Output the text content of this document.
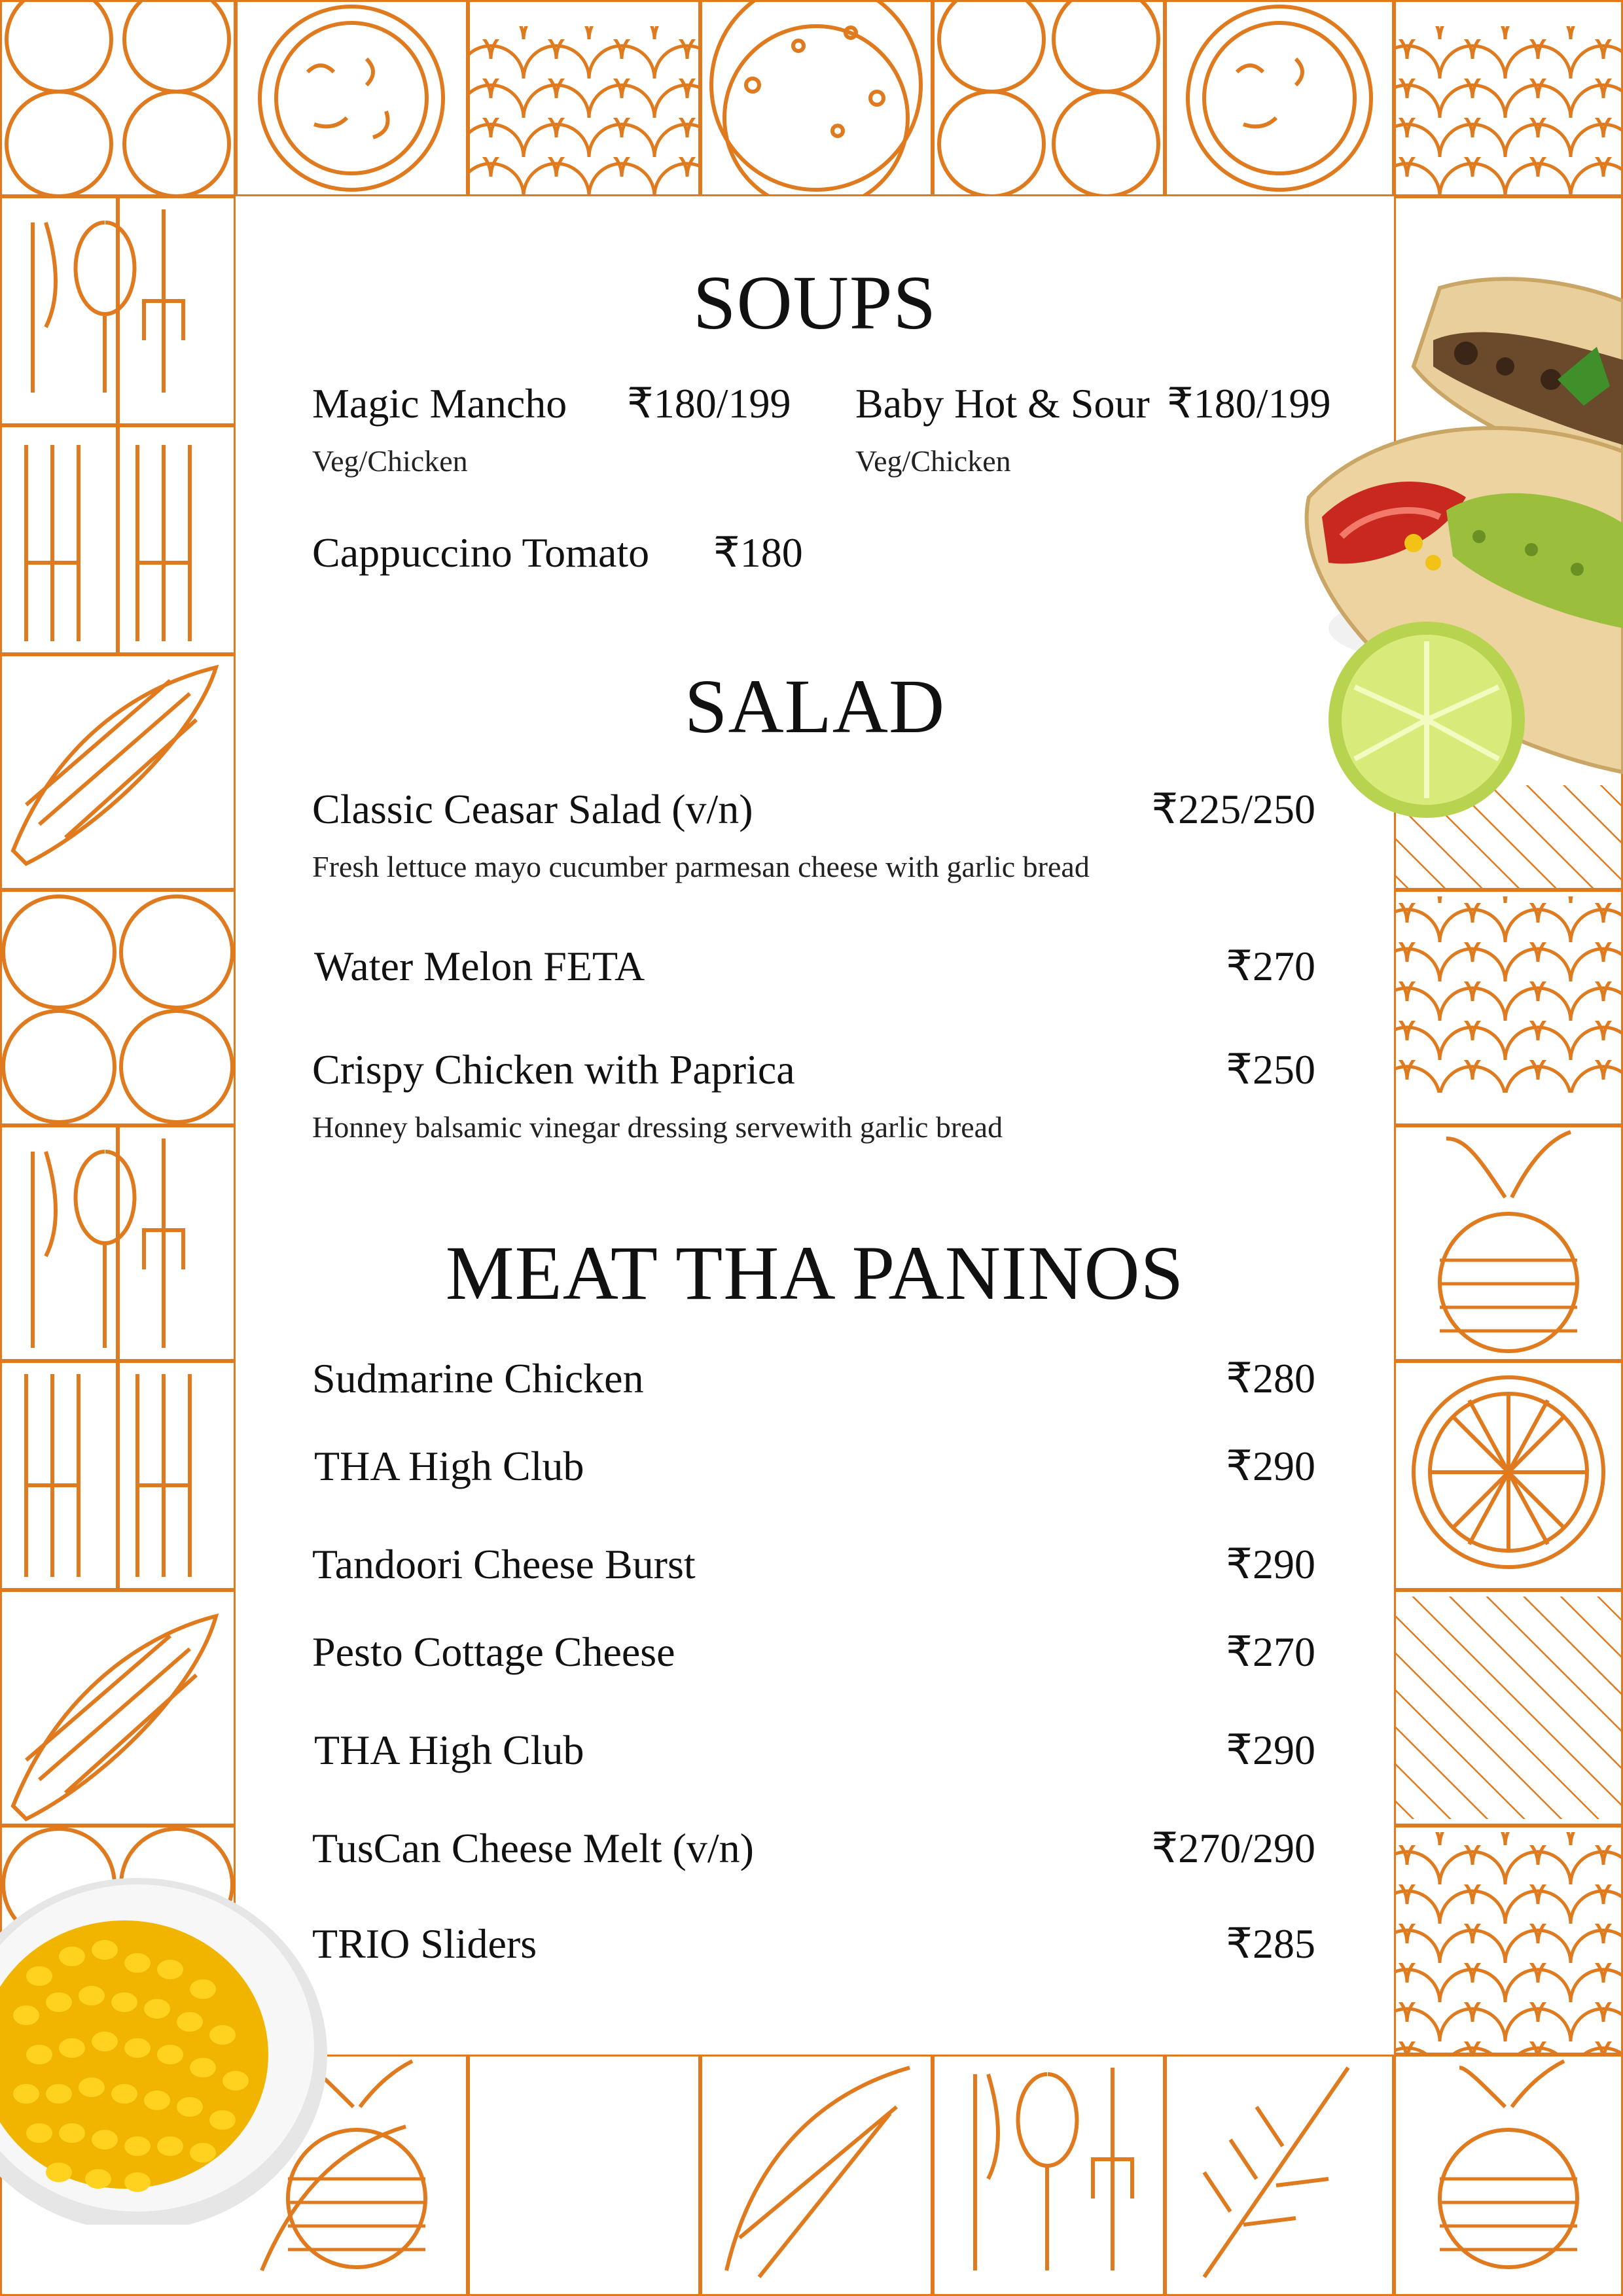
SOUPS
Magic Mancho ₹180/199
Veg/Chicken
Baby Hot & Sour ₹180/199
Veg/Chicken
Cappuccino Tomato ₹180
SALAD
Classic Ceasar Salad (v/n)	₹225/250
Fresh lettuce mayo cucumber parmesan cheese with garlic bread
Water Melon FETA	₹270
Crispy Chicken with Paprica	₹250
Honney balsamic vinegar dressing servewith garlic bread
MEAT THA PANINOS
Sudmarine Chicken	₹280
THA High Club	₹290
Tandoori Cheese Burst	₹290
Pesto Cottage Cheese	₹270
THA High Club	₹290
TusCan Cheese Melt (v/n)	₹270/290
TRIO Sliders	₹285
